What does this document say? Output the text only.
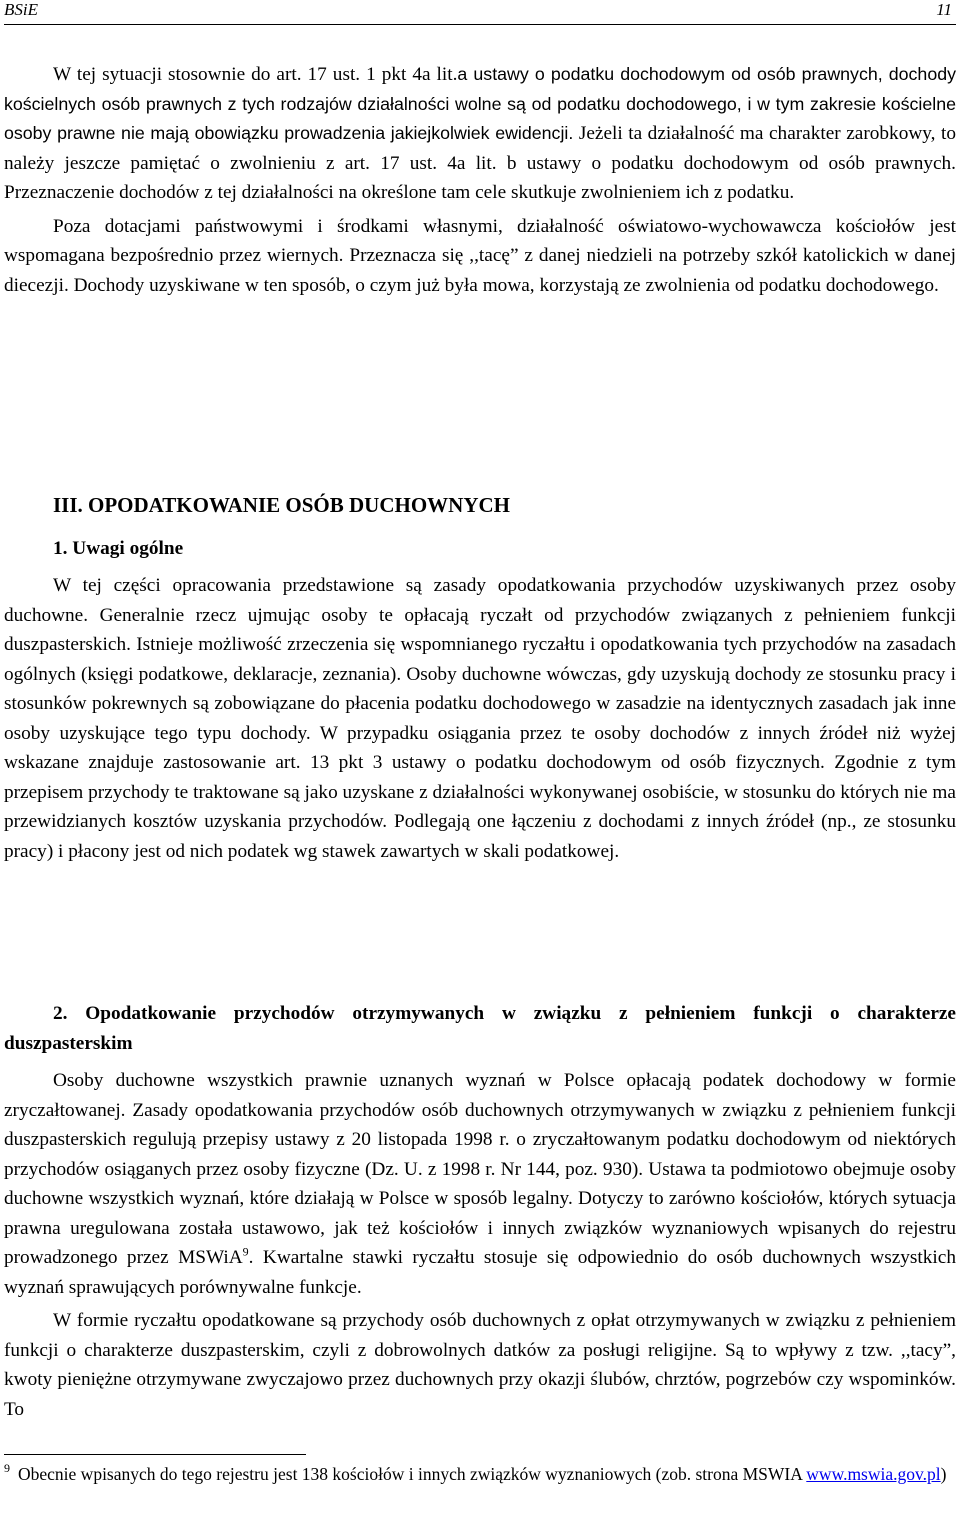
BSiE	11

W tej sytuacji stosownie do art. 17 ust. 1 pkt 4a lit.a ustawy o podatku dochodowym od osób prawnych, dochody kościelnych osób prawnych z tych rodzajów działalności wolne są od podatku dochodowego, i w tym zakresie kościelne osoby prawne nie mają obowiązku prowadzenia jakiejkolwiek ewidencji. Jeżeli ta działalność ma charakter zarobkowy, to należy jeszcze pamiętać o zwolnieniu z art. 17 ust. 4a lit. b ustawy o podatku dochodowym od osób prawnych. Przeznaczenie dochodów z tej działalności na określone tam cele skutkuje zwolnieniem ich z podatku.

Poza dotacjami państwowymi i środkami własnymi, działalność oświatowo-wychowawcza kościołów jest wspomagana bezpośrednio przez wiernych. Przeznacza się ,,tacę” z danej niedzieli na potrzeby szkół katolickich w danej diecezji. Dochody uzyskiwane w ten sposób, o czym już była mowa, korzystają ze zwolnienia od podatku dochodowego.

III. OPODATKOWANIE OSÓB DUCHOWNYCH
1. Uwagi ogólne

W tej części opracowania przedstawione są zasady opodatkowania przychodów uzyskiwanych przez osoby duchowne. Generalnie rzecz ujmując osoby te opłacają ryczałt od przychodów związanych z pełnieniem funkcji duszpasterskich. Istnieje możliwość zrzeczenia się wspomnianego ryczałtu i opodatkowania tych przychodów na zasadach ogólnych (księgi podatkowe, deklaracje, zeznania). Osoby duchowne wówczas, gdy uzyskują dochody ze stosunku pracy i stosunków pokrewnych są zobowiązane do płacenia podatku dochodowego w zasadzie na identycznych zasadach jak inne osoby uzyskujące tego typu dochody. W przypadku osiągania przez te osoby dochodów z innych źródeł niż wyżej wskazane znajduje zastosowanie art. 13 pkt 3 ustawy o podatku dochodowym od osób fizycznych. Zgodnie z tym przepisem przychody te traktowane są jako uzyskane z działalności wykonywanej osobiście, w stosunku do których nie ma przewidzianych kosztów uzyskania przychodów. Podlegają one łączeniu z dochodami z innych źródeł (np., ze stosunku pracy) i płacony jest od nich podatek wg stawek zawartych w skali podatkowej.

2. Opodatkowanie przychodów otrzymywanych w związku z pełnieniem funkcji o charakterze duszpasterskim

Osoby duchowne wszystkich prawnie uznanych wyznań w Polsce opłacają podatek dochodowy w formie zryczałtowanej. Zasady opodatkowania przychodów osób duchownych otrzymywanych w związku z pełnieniem funkcji duszpasterskich regulują przepisy ustawy z 20 listopada 1998 r. o zryczałtowanym podatku dochodowym od niektórych przychodów osiąganych przez osoby fizyczne (Dz. U. z 1998 r. Nr 144, poz. 930). Ustawa ta podmiotowo obejmuje osoby duchowne wszystkich wyznań, które działają w Polsce w sposób legalny. Dotyczy to zarówno kościołów, których sytuacja prawna uregulowana została ustawowo, jak też kościołów i innych związków wyznaniowych wpisanych do rejestru prowadzonego przez MSWiA$^9$. Kwartalne stawki ryczałtu stosuje się odpowiednio do osób duchownych wszystkich wyznań sprawujących porównywalne funkcje.

W formie ryczałtu opodatkowane są przychody osób duchownych z opłat otrzymywanych w związku z pełnieniem funkcji o charakterze duszpasterskim, czyli z dobrowolnych datków za posługi religijne. Są to wpływy z tzw. ,,tacy”, kwoty pieniężne otrzymywane zwyczajowo przez duchownych przy okazji ślubów, chrztów, pogrzebów czy wspominków. To

$^9$ Obecnie wpisanych do tego rejestru jest 138 kościołów i innych związków wyznaniowych (zob. strona MSWIA www.mswia.gov.pl)
